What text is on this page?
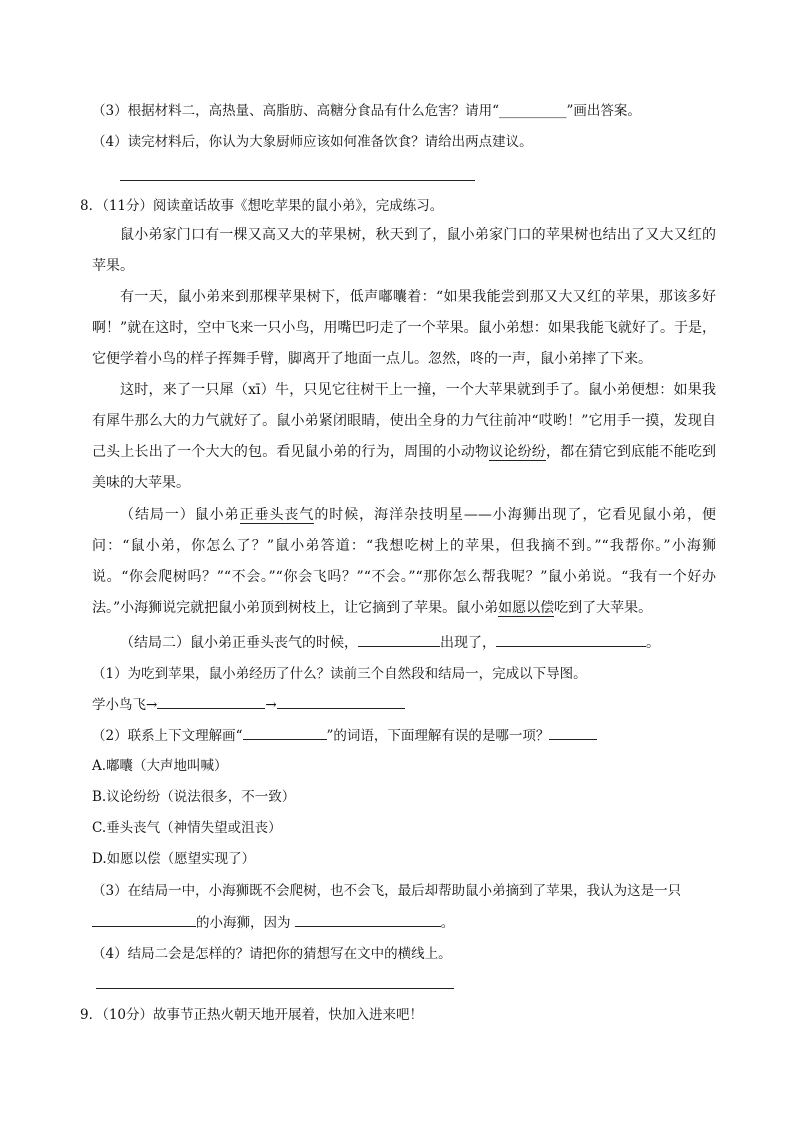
（3）根据材料二，高热量、高脂肪、高糖分食品有什么危害？请用“__________”画出答案。
（4）读完材料后，你认为大象厨师应该如何准备饮食？请给出两点建议。
8．（11分）阅读童话故事《想吃苹果的鼠小弟》，完成练习。
鼠小弟家门口有一棵又高又大的苹果树，秋天到了，鼠小弟家门口的苹果树也结出了又大又红的苹果。
有一天，鼠小弟来到那棵苹果树下，低声嘟囔着：“如果我能尝到那又大又红的苹果，那该多好啊！”就在这时，空中飞来一只小鸟，用嘴巴叼走了一个苹果。鼠小弟想：如果我能飞就好了。于是，它便学着小鸟的样子挥舞手臂，脚离开了地面一点儿。忽然，咚的一声，鼠小弟摔了下来。
这时，来了一只犀（xī）牛，只见它往树干上一撞，一个大苹果就到手了。鼠小弟便想：如果我有犀牛那么大的力气就好了。鼠小弟紧闭眼睛，使出全身的力气往前冲“哎哟！”它用手一摸，发现自己头上长出了一个大大的包。看见鼠小弟的行为，周围的小动物议论纷纷，都在猜它到底能不能吃到美味的大苹果。
（结局一）鼠小弟正垂头丧气的时候，海洋杂技明星——小海狮出现了，它看见鼠小弟，便问：“鼠小弟，你怎么了？”鼠小弟答道：“我想吃树上的苹果，但我摘不到。”“我帮你。”小海狮说。“你会爬树吗？”“不会。”“你会飞吗？”“不会。”“那你怎么帮我呢？”鼠小弟说。“我有一个好办法。”小海狮说完就把鼠小弟顶到树枝上，让它摘到了苹果。鼠小弟如愿以偿吃到了大苹果。
（结局二）鼠小弟正垂头丧气的时候，	出现了，	。
（1）为吃到苹果，鼠小弟经历了什么？读前三个自然段和结局一，完成以下导图。
学小鸟飞→	→
（2）联系上下文理解画“	”的词语，下面理解有误的是哪一项？
A.嘟囔（大声地叫喊）
B.议论纷纷（说法很多，不一致）
C.垂头丧气（神情失望或沮丧）
D.如愿以偿（愿望实现了）
（3）在结局一中，小海狮既不会爬树，也不会飞，最后却帮助鼠小弟摘到了苹果，我认为这是一只
的小海狮，因为	。
（4）结局二会是怎样的？请把你的猜想写在文中的横线上。
9．（10分）故事节正热火朝天地开展着，快加入进来吧！
